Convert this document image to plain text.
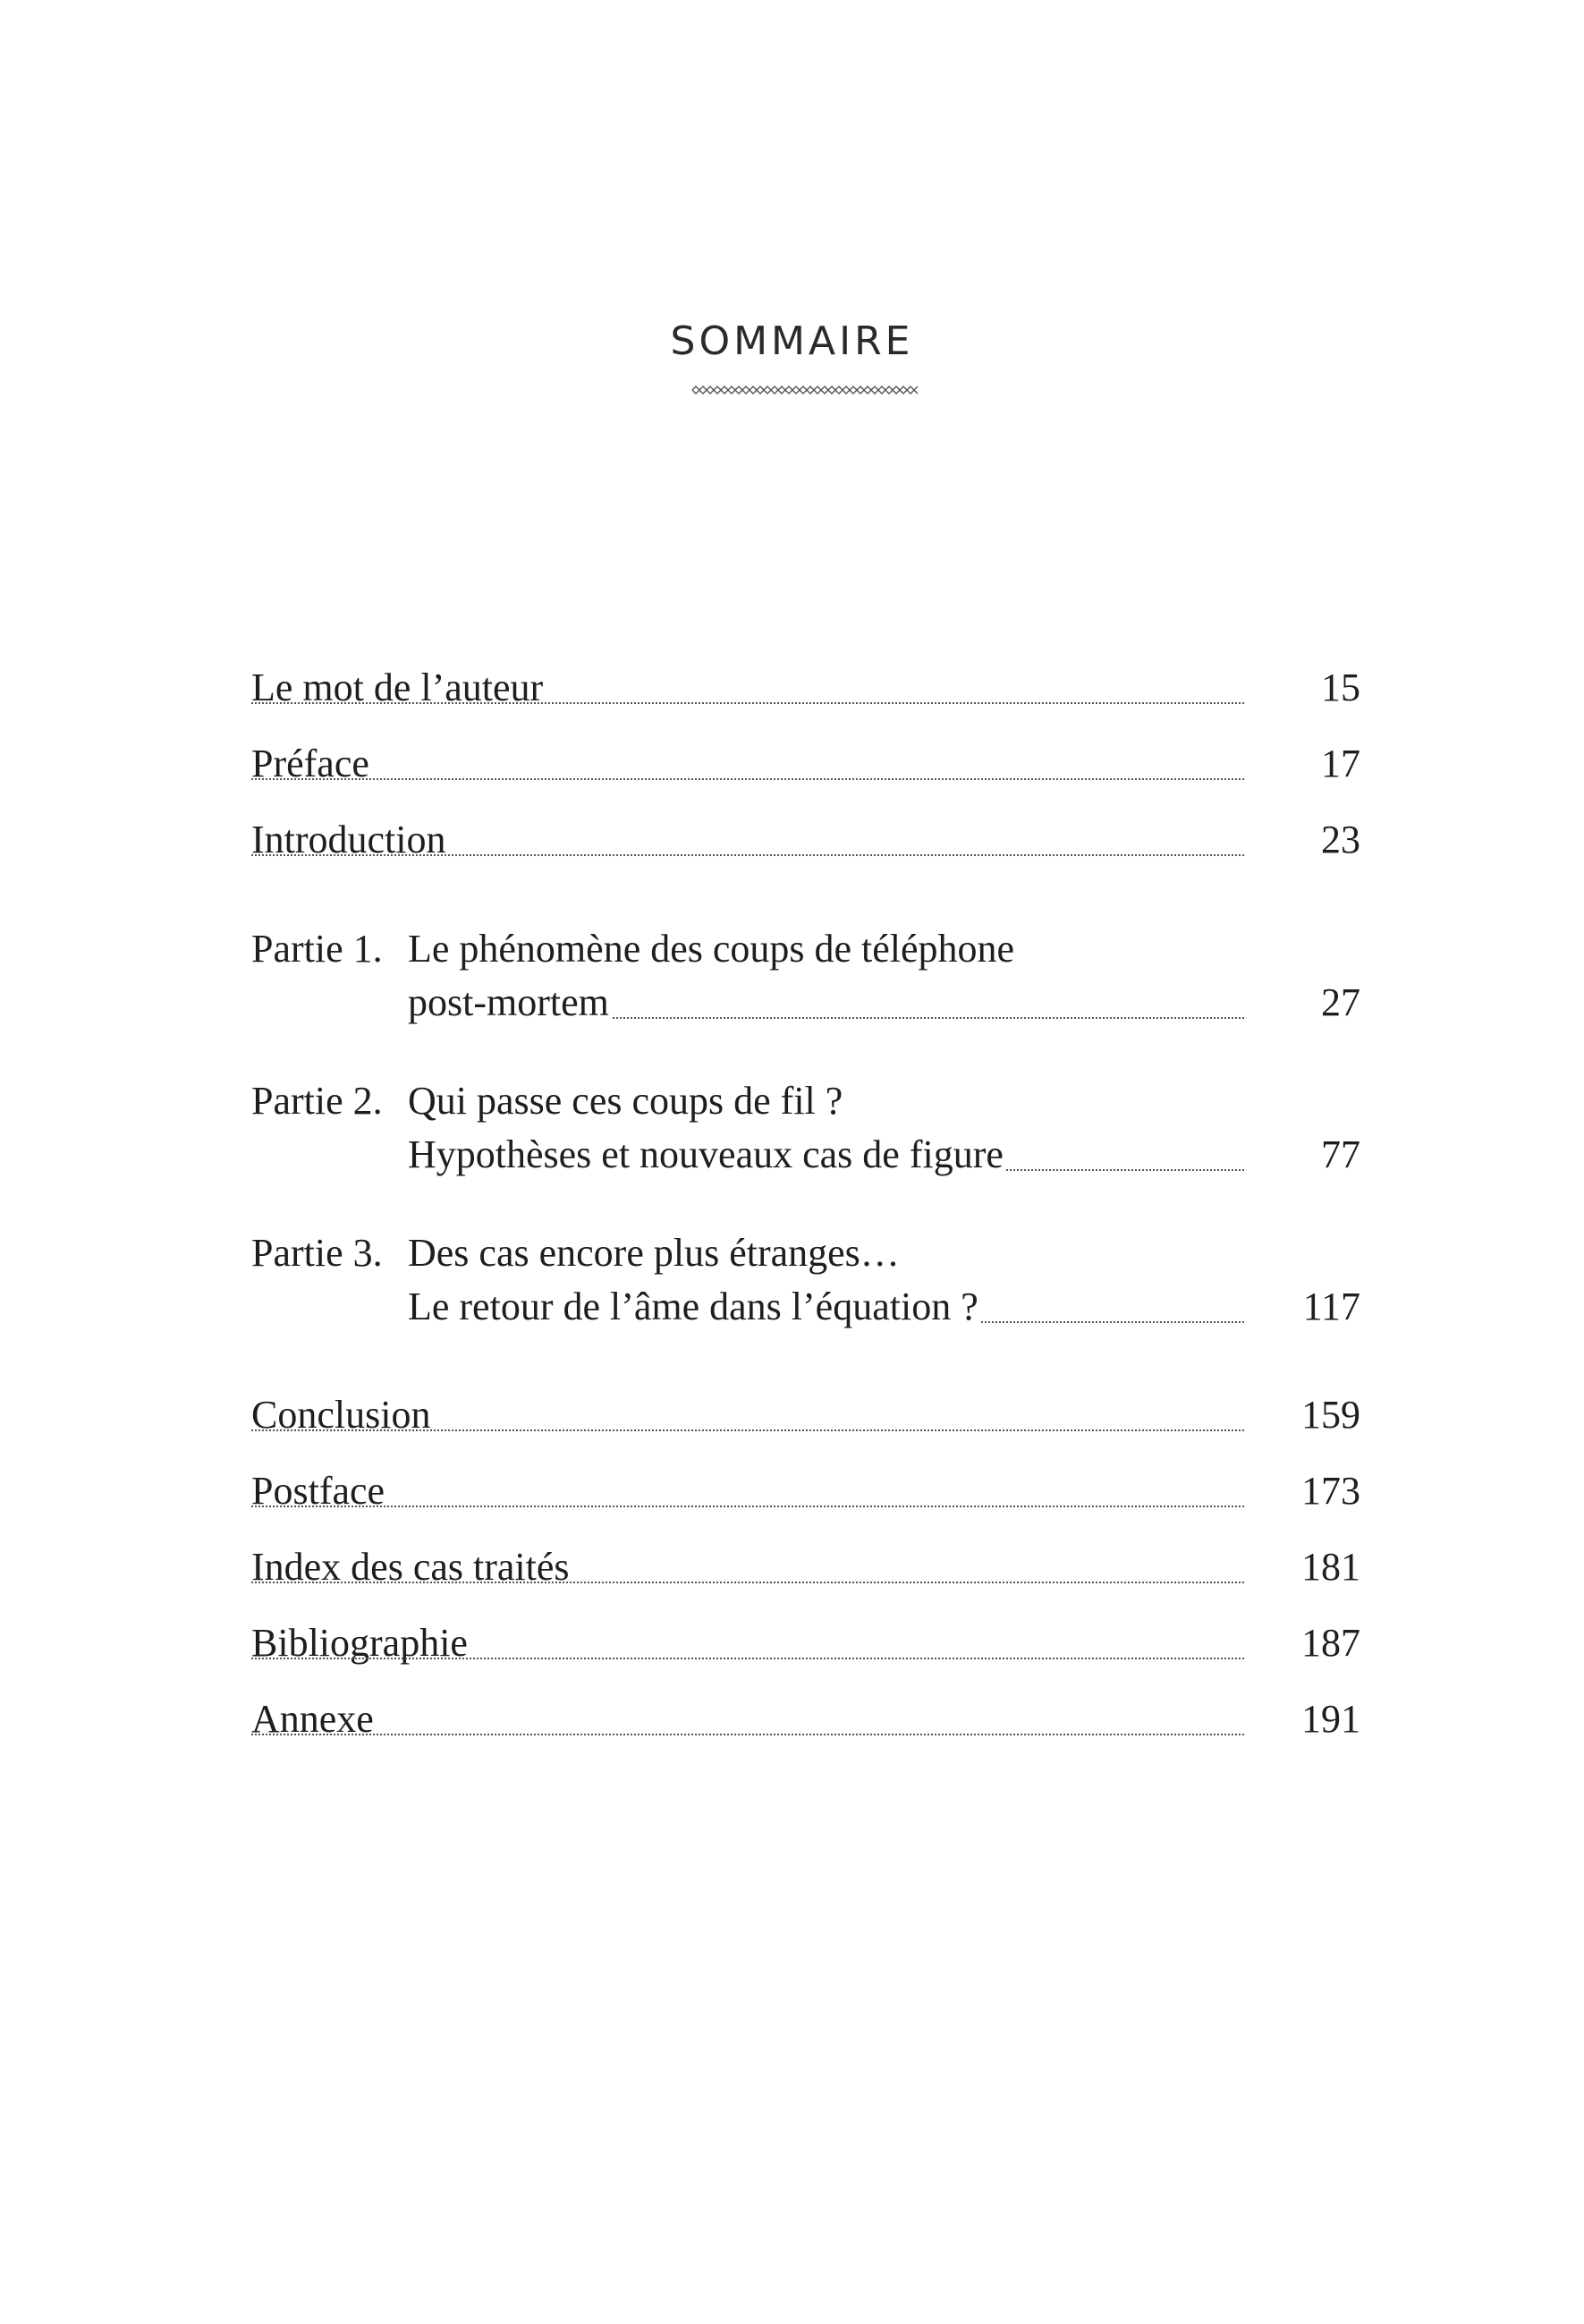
SOMMAIRE
Le mot de l’auteur	15
Préface	17
Introduction	23
Partie 1. Le phénomène des coups de téléphone
post-mortem	27
Partie 2. Qui passe ces coups de fil ?
Hypothèses et nouveaux cas de figure	77
Partie 3. Des cas encore plus étranges…
Le retour de l’âme dans l’équation ?	117
Conclusion	159
Postface	173
Index des cas traités	181
Bibliographie	187
Annexe	191
